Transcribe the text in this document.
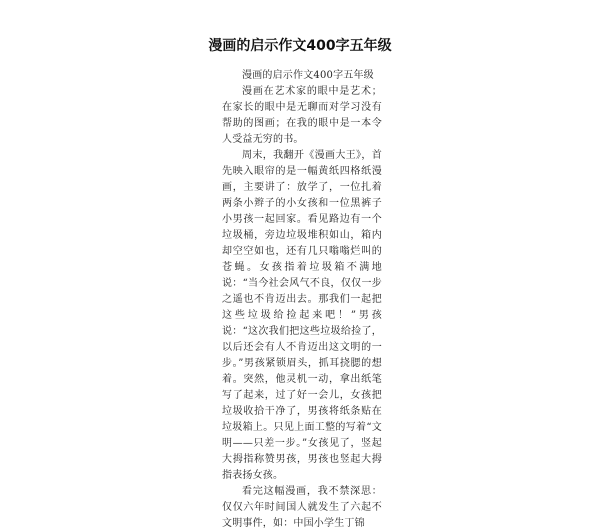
漫画的启示作文400字五年级

漫画的启示作文400字五年级

漫画在艺术家的眼中是艺术；在家长的眼中是无聊而对学习没有帮助的图画；在我的眼中是一本令人受益无穷的书。

周末，我翻开《漫画大王》，首先映入眼帘的是一幅黄纸四格纸漫画，主要讲了：放学了，一位扎着两条小辫子的小女孩和一位黑裤子小男孩一起回家。看见路边有一个垃圾桶，旁边垃圾堆积如山，箱内却空空如也，还有几只嗡嗡烂叫的苍蝇。女孩指着垃圾箱不满地说：“当今社会风气不良，仅仅一步之遥也不肯迈出去。那我们一起把这些垃圾给捡起来吧！”男孩说：“这次我们把这些垃圾给捡了，以后还会有人不肯迈出这文明的一步。”男孩紧锁眉头，抓耳挠腮的想着。突然，他灵机一动，拿出纸笔写了起来，过了好一会儿，女孩把垃圾收拾干净了，男孩将纸条贴在垃圾箱上。只见上面工整的写着“文明——只差一步。”女孩见了，竖起大拇指称赞男孩，男孩也竖起大拇指表扬女孩。

看完这幅漫画，我不禁深思：仅仅六年时间国人就发生了六起不文明事件，如：中国小学生丁锦
